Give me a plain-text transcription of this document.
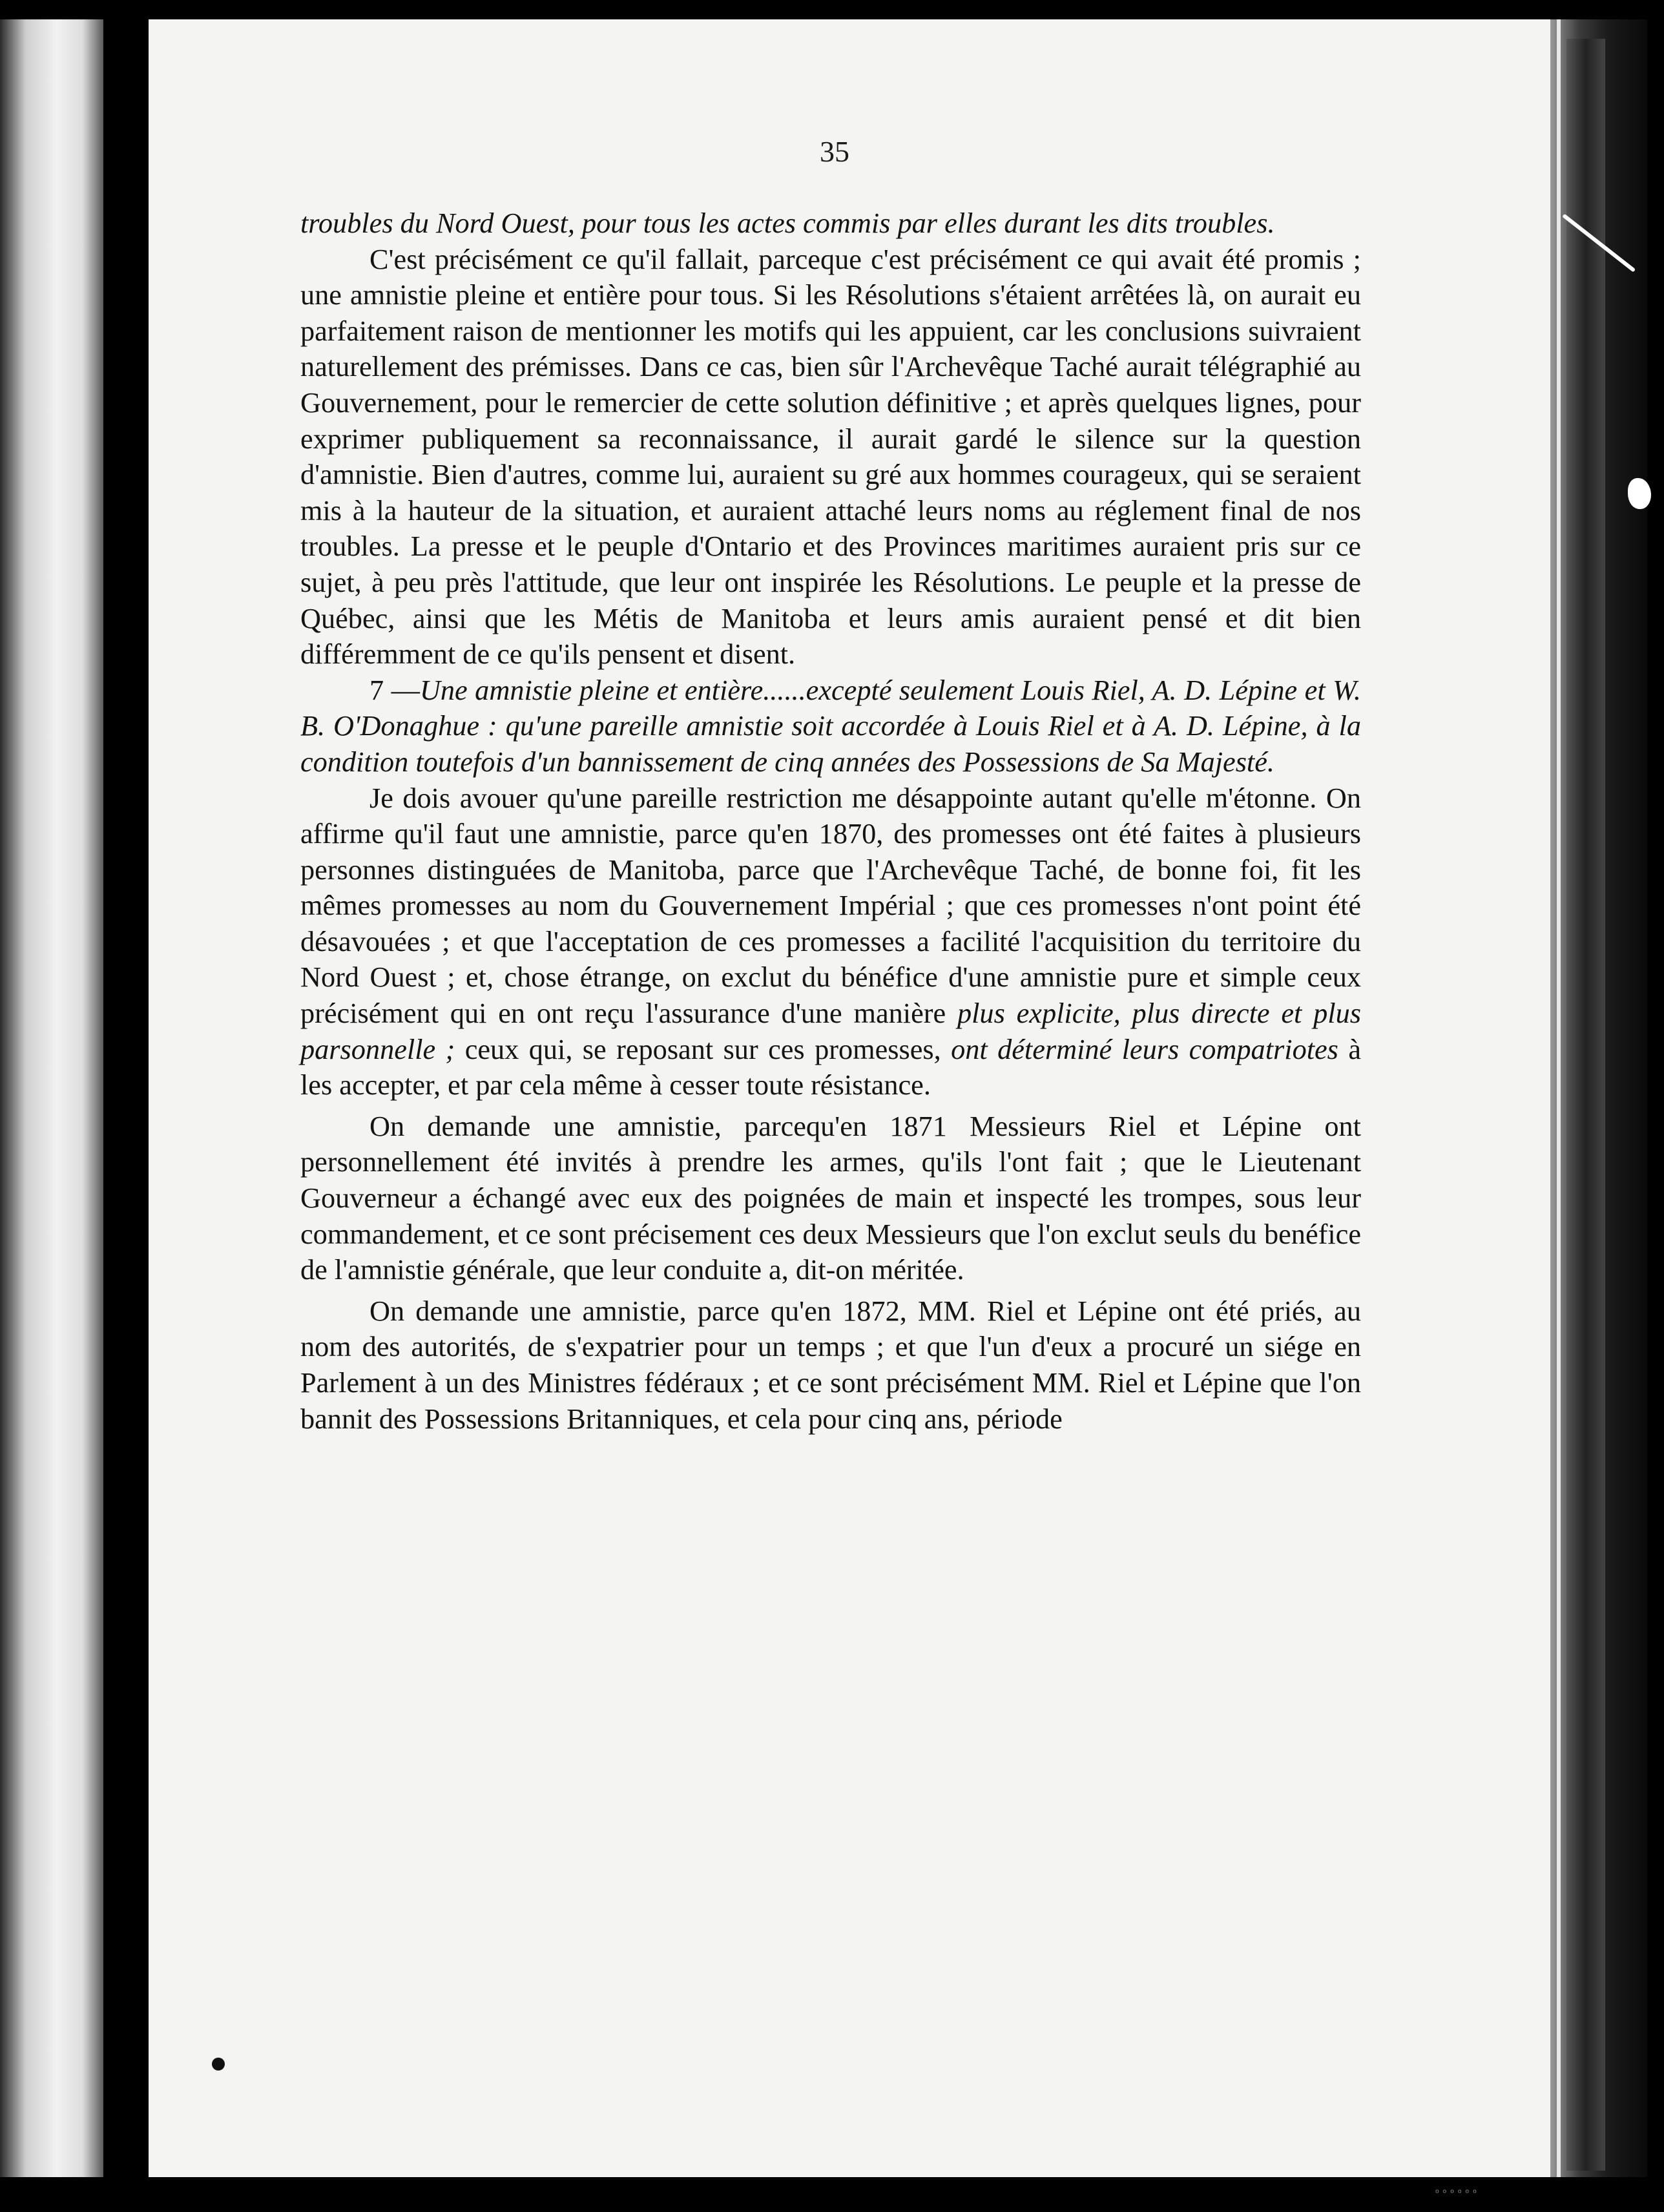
ᵒᵒᵒᵒᵒᵒ
35

troubles du Nord Ouest, pour tous les actes commis par elles durant les dits troubles.

C'est précisément ce qu'il fallait, parceque c'est précisément ce qui avait été promis ; une amnistie pleine et entière pour tous. Si les Résolutions s'étaient arrêtées là, on aurait eu parfaitement raison de mentionner les motifs qui les appuient, car les conclusions suivraient naturellement des prémisses. Dans ce cas, bien sûr l'Archevêque Taché aurait télégraphié au Gouvernement, pour le remercier de cette solution définitive ; et après quelques lignes, pour exprimer publiquement sa reconnaissance, il aurait gardé le silence sur la question d'amnistie. Bien d'autres, comme lui, auraient su gré aux hommes courageux, qui se seraient mis à la hauteur de la situation, et auraient attaché leurs noms au réglement final de nos troubles. La presse et le peuple d'Ontario et des Provinces maritimes auraient pris sur ce sujet, à peu près l'attitude, que leur ont inspirée les Résolutions. Le peuple et la presse de Québec, ainsi que les Métis de Manitoba et leurs amis auraient pensé et dit bien différemment de ce qu'ils pensent et disent.

7 —Une amnistie pleine et entière......excepté seulement Louis Riel, A. D. Lépine et W. B. O'Donaghue : qu'une pareille amnistie soit accordée à Louis Riel et à A. D. Lépine, à la condition toutefois d'un bannissement de cinq années des Possessions de Sa Majesté.

Je dois avouer qu'une pareille restriction me désappointe autant qu'elle m'étonne. On affirme qu'il faut une amnistie, parce qu'en 1870, des promesses ont été faites à plusieurs personnes distinguées de Manitoba, parce que l'Archevêque Taché, de bonne foi, fit les mêmes promesses au nom du Gouvernement Impérial ; que ces promesses n'ont point été désavouées ; et que l'acceptation de ces promesses a facilité l'acquisition du territoire du Nord Ouest ; et, chose étrange, on exclut du bénéfice d'une amnistie pure et simple ceux précisément qui en ont reçu l'assurance d'une manière plus explicite, plus directe et plus parsonnelle ; ceux qui, se reposant sur ces promesses, ont déterminé leurs compatriotes à les accepter, et par cela même à cesser toute résistance.

On demande une amnistie, parcequ'en 1871 Messieurs Riel et Lépine ont personnellement été invités à prendre les armes, qu'ils l'ont fait ; que le Lieutenant Gouverneur a échangé avec eux des poignées de main et inspecté les trompes, sous leur commandement, et ce sont précisement ces deux Messieurs que l'on exclut seuls du benéfice de l'amnistie générale, que leur conduite a, dit-on méritée.

On demande une amnistie, parce qu'en 1872, MM. Riel et Lépine ont été priés, au nom des autorités, de s'expatrier pour un temps ; et que l'un d'eux a procuré un siége en Parlement à un des Ministres fédéraux ; et ce sont précisément MM. Riel et Lépine que l'on bannit des Possessions Britanniques, et cela pour cinq ans, période
